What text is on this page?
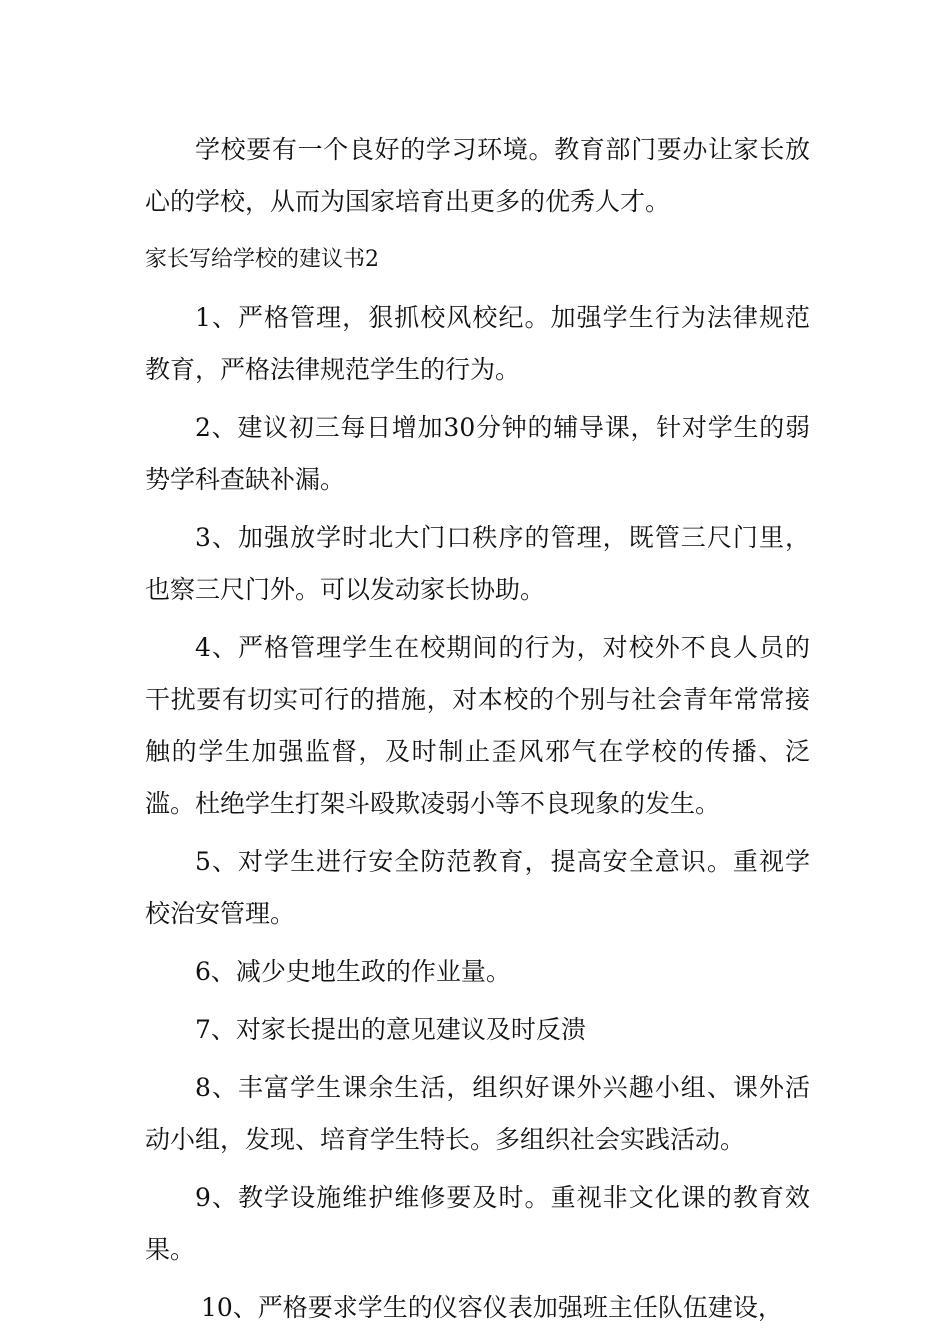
学校要有一个良好的学习环境。教育部门要办让家长放心的学校，从而为国家培育出更多的优秀人才。

家长写给学校的建议书2

1、严格管理，狠抓校风校纪。加强学生行为法律规范教育，严格法律规范学生的行为。

2、建议初三每日增加30分钟的辅导课，针对学生的弱势学科查缺补漏。

3、加强放学时北大门口秩序的管理，既管三尺门里，也察三尺门外。可以发动家长协助。

4、严格管理学生在校期间的行为，对校外不良人员的干扰要有切实可行的措施，对本校的个别与社会青年常常接触的学生加强监督，及时制止歪风邪气在学校的传播、泛滥。杜绝学生打架斗殴欺凌弱小等不良现象的发生。

5、对学生进行安全防范教育，提高安全意识。重视学校治安管理。

6、减少史地生政的作业量。

7、对家长提出的意见建议及时反溃

8、丰富学生课余生活，组织好课外兴趣小组、课外活动小组，发现、培育学生特长。多组织社会实践活动。

9、教学设施维护维修要及时。重视非文化课的教育效果。

10、严格要求学生的仪容仪表加强班主任队伍建设，
